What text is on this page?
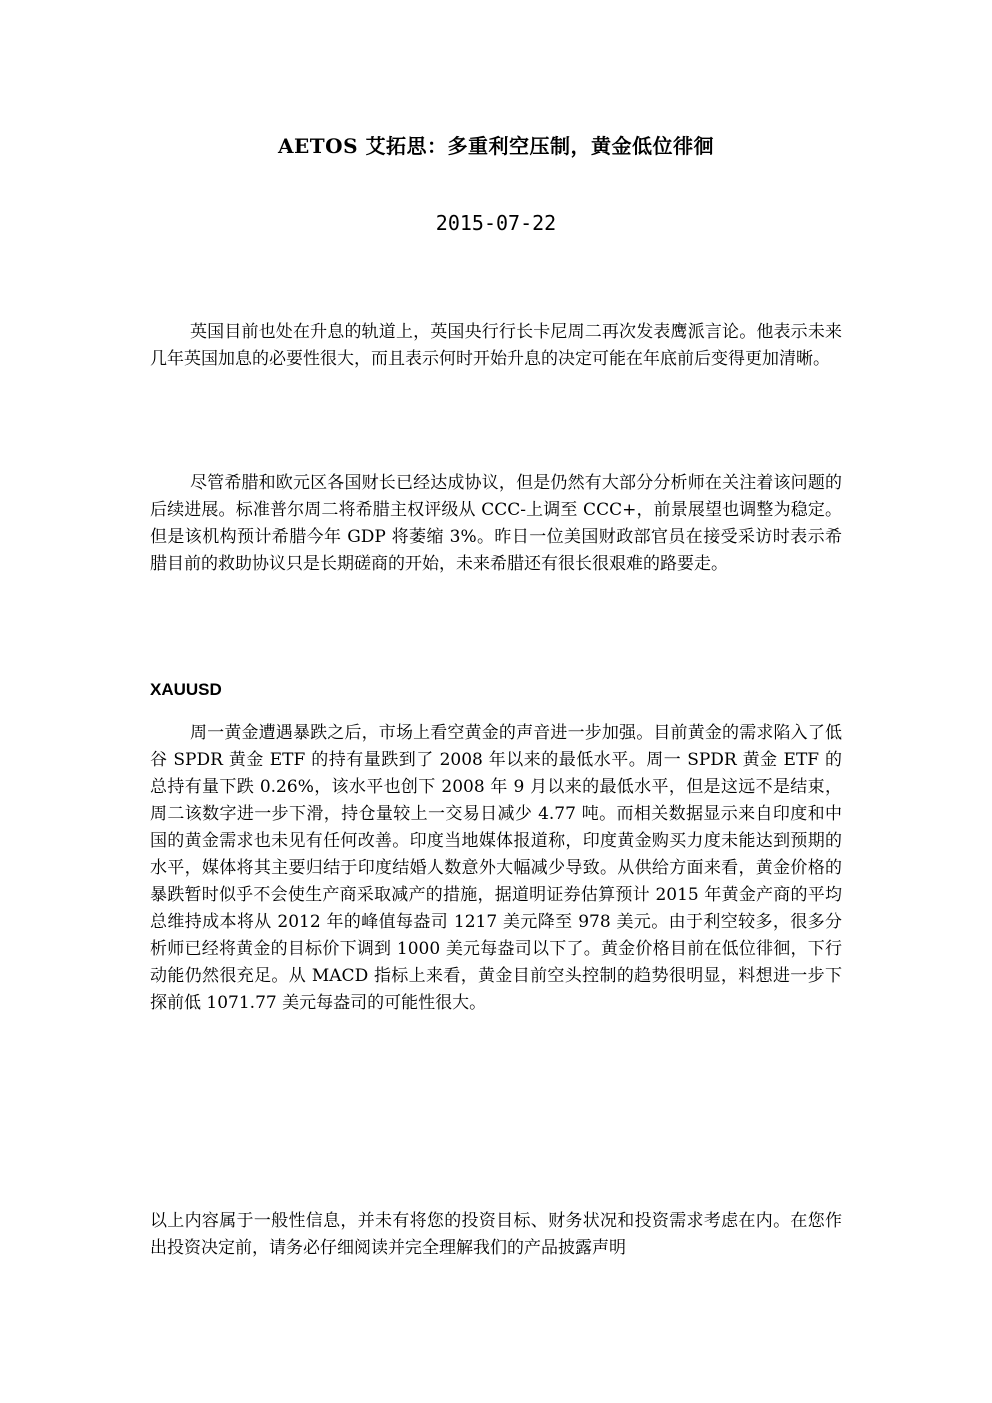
AETOS 艾拓思：多重利空压制，黄金低位徘徊
2015-07-22

英国目前也处在升息的轨道上，英国央行行长卡尼周二再次发表鹰派言论。他表示未来几年英国加息的必要性很大，而且表示何时开始升息的决定可能在年底前后变得更加清晰。

尽管希腊和欧元区各国财长已经达成协议，但是仍然有大部分分析师在关注着该问题的后续进展。标准普尔周二将希腊主权评级从 CCC-上调至 CCC+，前景展望也调整为稳定。但是该机构预计希腊今年 GDP 将萎缩 3%。昨日一位美国财政部官员在接受采访时表示希腊目前的救助协议只是长期磋商的开始，未来希腊还有很长很艰难的路要走。

XAUUSD

周一黄金遭遇暴跌之后，市场上看空黄金的声音进一步加强。目前黄金的需求陷入了低谷 SPDR 黄金 ETF 的持有量跌到了 2008 年以来的最低水平。周一 SPDR 黄金 ETF 的总持有量下跌 0.26%，该水平也创下 2008 年 9 月以来的最低水平，但是这远不是结束，周二该数字进一步下滑，持仓量较上一交易日减少 4.77 吨。而相关数据显示来自印度和中国的黄金需求也未见有任何改善。印度当地媒体报道称，印度黄金购买力度未能达到预期的水平，媒体将其主要归结于印度结婚人数意外大幅减少导致。从供给方面来看，黄金价格的暴跌暂时似乎不会使生产商采取减产的措施，据道明证券估算预计 2015 年黄金产商的平均总维持成本将从 2012 年的峰值每盎司 1217 美元降至 978 美元。由于利空较多，很多分析师已经将黄金的目标价下调到 1000 美元每盎司以下了。黄金价格目前在低位徘徊，下行动能仍然很充足。从 MACD 指标上来看，黄金目前空头控制的趋势很明显，料想进一步下探前低 1071.77 美元每盎司的可能性很大。

以上内容属于一般性信息，并未有将您的投资目标、财务状况和投资需求考虑在内。在您作出投资决定前，请务必仔细阅读并完全理解我们的产品披露声明
